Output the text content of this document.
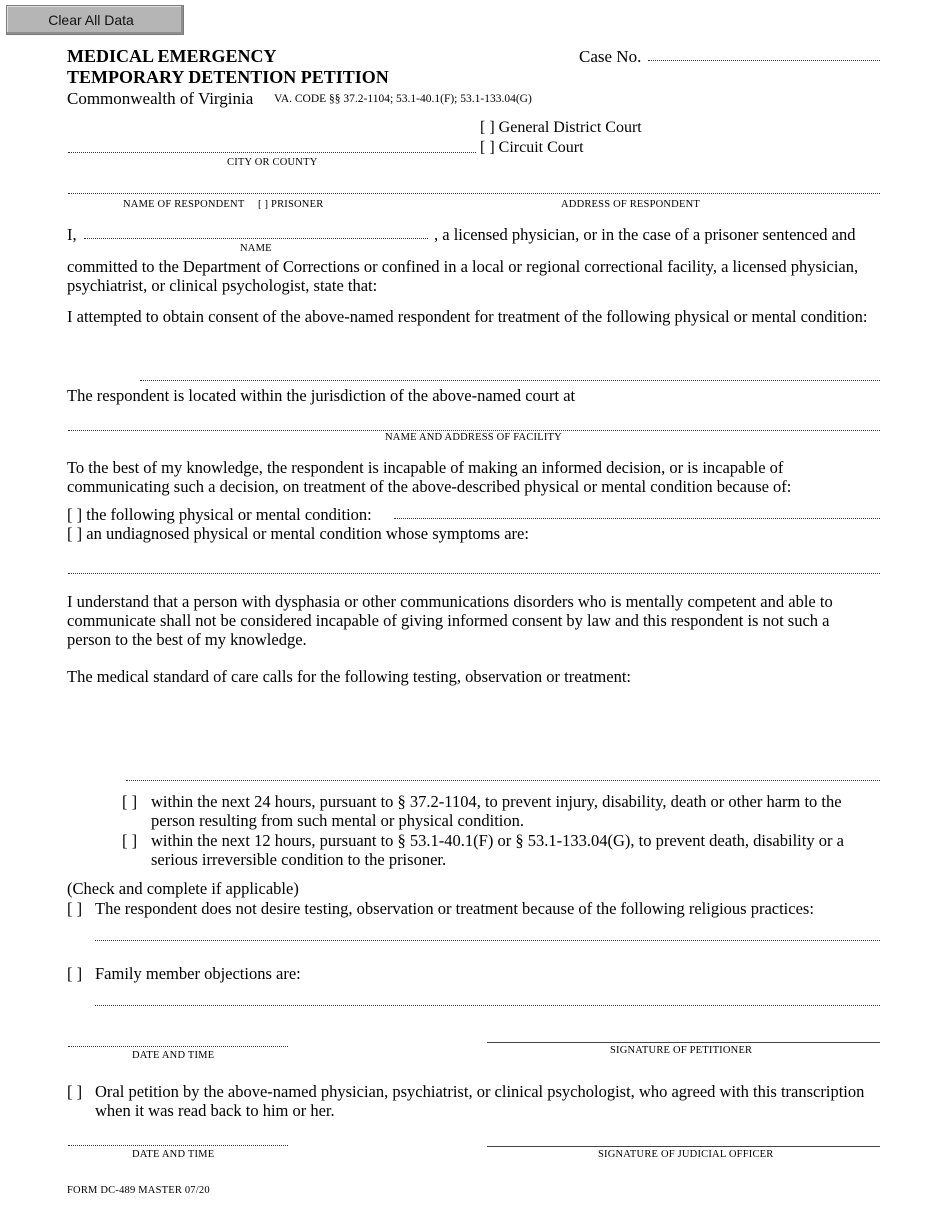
Clear All Data
MEDICAL EMERGENCY
TEMPORARY DETENTION PETITION
Commonwealth of Virginia VA. CODE §§ 37.2-1104; 53.1-40.1(F); 53.1-133.04(G)
Case No.
[ ] General District Court
[ ] Circuit Court
CITY OR COUNTY
NAME OF RESPONDENT [ ] PRISONER	ADDRESS OF RESPONDENT
I,	, a licensed physician, or in the case of a prisoner sentenced and
NAME
committed to the Department of Corrections or confined in a local or regional correctional facility, a licensed physician, psychiatrist, or clinical psychologist, state that:
I attempted to obtain consent of the above-named respondent for treatment of the following physical or mental condition:
The respondent is located within the jurisdiction of the above-named court at
NAME AND ADDRESS OF FACILITY
To the best of my knowledge, the respondent is incapable of making an informed decision, or is incapable of communicating such a decision, on treatment of the above-described physical or mental condition because of:
[ ] the following physical or mental condition:
[ ] an undiagnosed physical or mental condition whose symptoms are:
I understand that a person with dysphasia or other communications disorders who is mentally competent and able to communicate shall not be considered incapable of giving informed consent by law and this respondent is not such a person to the best of my knowledge.
The medical standard of care calls for the following testing, observation or treatment:
[ ] within the next 24 hours, pursuant to § 37.2-1104, to prevent injury, disability, death or other harm to the person resulting from such mental or physical condition.
[ ] within the next 12 hours, pursuant to § 53.1-40.1(F) or § 53.1-133.04(G), to prevent death, disability or a serious irreversible condition to the prisoner.
(Check and complete if applicable)
[ ] The respondent does not desire testing, observation or treatment because of the following religious practices:
[ ] Family member objections are:
DATE AND TIME	SIGNATURE OF PETITIONER
[ ] Oral petition by the above-named physician, psychiatrist, or clinical psychologist, who agreed with this transcription when it was read back to him or her.
DATE AND TIME	SIGNATURE OF JUDICIAL OFFICER
FORM DC-489 MASTER 07/20
